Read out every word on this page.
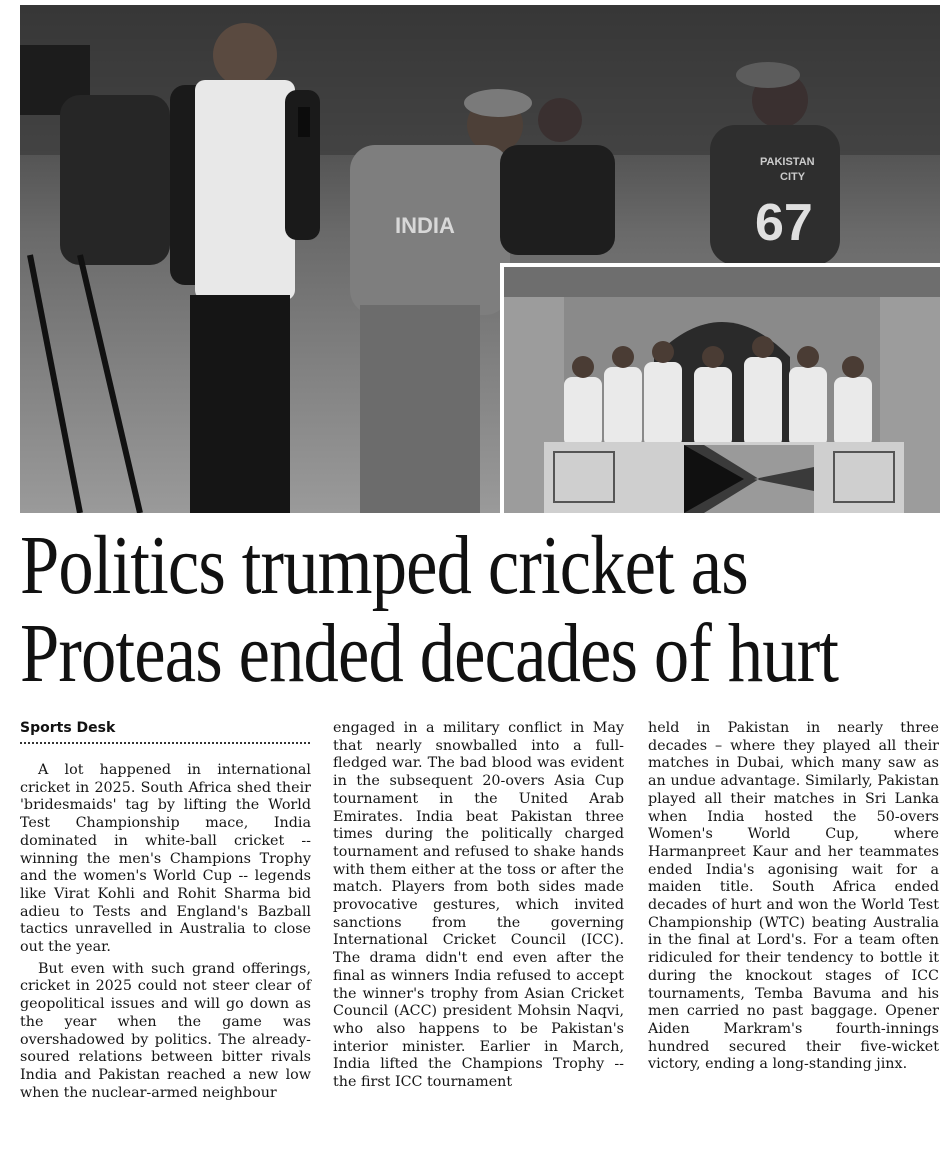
INDIA
PAKISTAN
CITY
67
Politics trumped cricket as
Proteas ended decades of hurt
Sports Desk

A lot happened in international cricket in 2025. South Africa shed their 'bridesmaids' tag by lifting the World Test Championship mace, India dominated in white-ball cricket -- winning the men's Champions Trophy and the women's World Cup -- legends like Virat Kohli and Rohit Sharma bid adieu to Tests and England's Bazball tactics unravelled in Australia to close out the year.

But even with such grand offerings, cricket in 2025 could not steer clear of geopolitical issues and will go down as the year when the game was overshadowed by politics. The already-soured relations between bitter rivals India and Pakistan reached a new low when the nuclear-armed neighbour

engaged in a military conflict in May that nearly snowballed into a full-fledged war. The bad blood was evident in the subsequent 20-overs Asia Cup tournament in the United Arab Emirates. India beat Pakistan three times during the politically charged tournament and refused to shake hands with them either at the toss or after the match. Players from both sides made provocative gestures, which invited sanctions from the governing International Cricket Council (ICC). The drama didn't end even after the final as winners India refused to accept the winner's trophy from Asian Cricket Council (ACC) president Mohsin Naqvi, who also happens to be Pakistan's interior minister. Earlier in March, India lifted the Champions Trophy -- the first ICC tournament

held in Pakistan in nearly three decades – where they played all their matches in Dubai, which many saw as an undue advantage. Similarly, Pakistan played all their matches in Sri Lanka when India hosted the 50-overs Women's World Cup, where Harmanpreet Kaur and her teammates ended India's agonising wait for a maiden title. South Africa ended decades of hurt and won the World Test Championship (WTC) beating Australia in the final at Lord's. For a team often ridiculed for their tendency to bottle it during the knockout stages of ICC tournaments, Temba Bavuma and his men carried no past baggage. Opener Aiden Markram's fourth-innings hundred secured their five-wicket victory, ending a long-standing jinx.
